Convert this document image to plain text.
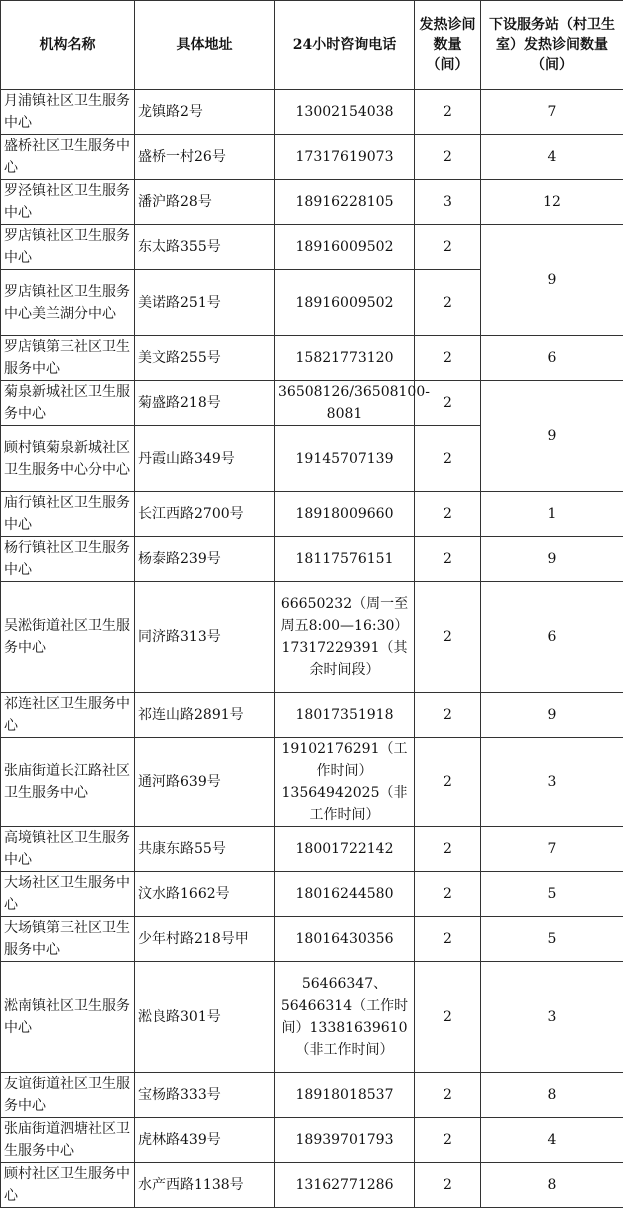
机构名称	具体地址	24小时咨询电话	发热诊间数量（间）	下设服务站（村卫生室）发热诊间数量（间）
月浦镇社区卫生服务中心	龙镇路2号	13002154038	2	7
盛桥社区卫生服务中心	盛桥一村26号	17317619073	2	4
罗泾镇社区卫生服务中心	潘沪路28号	18916228105	3	12
罗店镇社区卫生服务中心	东太路355号	18916009502	2	9
罗店镇社区卫生服务中心美兰湖分中心	美诺路251号	18916009502	2	
罗店镇第三社区卫生服务中心	美文路255号	15821773120	2	6
菊泉新城社区卫生服务中心	菊盛路218号	36508126/36508100-8081	2	9
顾村镇菊泉新城社区卫生服务中心分中心	丹霞山路349号	19145707139	2	
庙行镇社区卫生服务中心	长江西路2700号	18918009660	2	1
杨行镇社区卫生服务中心	杨泰路239号	18117576151	2	9
吴淞街道社区卫生服务中心	同济路313号	66650232（周一至周五8:00—16:30）17317229391（其余时间段）	2	6
祁连社区卫生服务中心	祁连山路2891号	18017351918	2	9
张庙街道长江路社区卫生服务中心	通河路639号	19102176291（工作时间）13564942025（非工作时间）	2	3
高境镇社区卫生服务中心	共康东路55号	18001722142	2	7
大场社区卫生服务中心	汶水路1662号	18016244580	2	5
大场镇第三社区卫生服务中心	少年村路218号甲	18016430356	2	5
淞南镇社区卫生服务中心	淞良路301号	56466347、56466314（工作时间）13381639610（非工作时间）	2	3
友谊街道社区卫生服务中心	宝杨路333号	18918018537	2	8
张庙街道泗塘社区卫生服务中心	虎林路439号	18939701793	2	4
顾村社区卫生服务中心	水产西路1138号	13162771286	2	8
